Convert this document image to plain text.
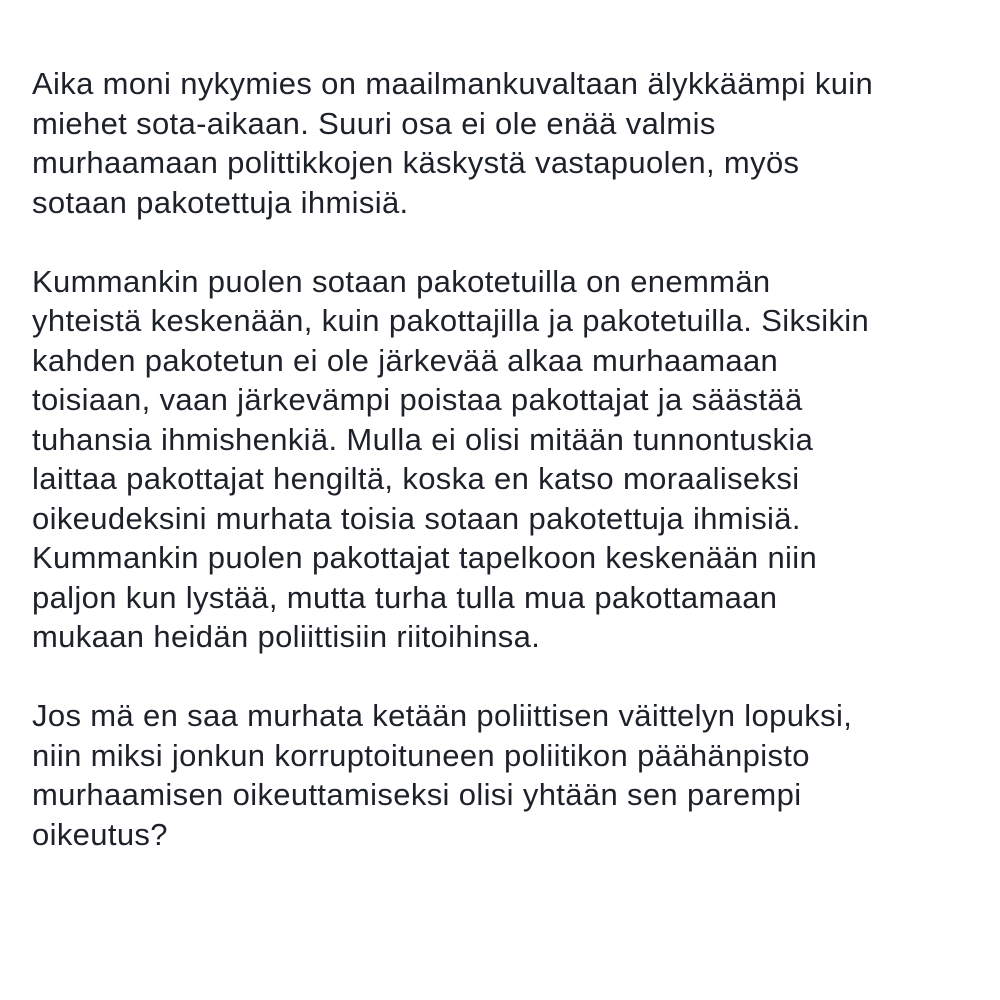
Aika moni nykymies on maailmankuvaltaan älykkäämpi kuin
miehet sota-aikaan. Suuri osa ei ole enää valmis
murhaamaan polittikkojen käskystä vastapuolen, myös
sotaan pakotettuja ihmisiä.

Kummankin puolen sotaan pakotetuilla on enemmän
yhteistä keskenään, kuin pakottajilla ja pakotetuilla. Siksikin
kahden pakotetun ei ole järkevää alkaa murhaamaan
toisiaan, vaan järkevämpi poistaa pakottajat ja säästää
tuhansia ihmishenkiä. Mulla ei olisi mitään tunnontuskia
laittaa pakottajat hengiltä, koska en katso moraaliseksi
oikeudeksini murhata toisia sotaan pakotettuja ihmisiä.
Kummankin puolen pakottajat tapelkoon keskenään niin
paljon kun lystää, mutta turha tulla mua pakottamaan
mukaan heidän poliittisiin riitoihinsa.

Jos mä en saa murhata ketään poliittisen väittelyn lopuksi,
niin miksi jonkun korruptoituneen poliitikon päähänpisto
murhaamisen oikeuttamiseksi olisi yhtään sen parempi
oikeutus?
